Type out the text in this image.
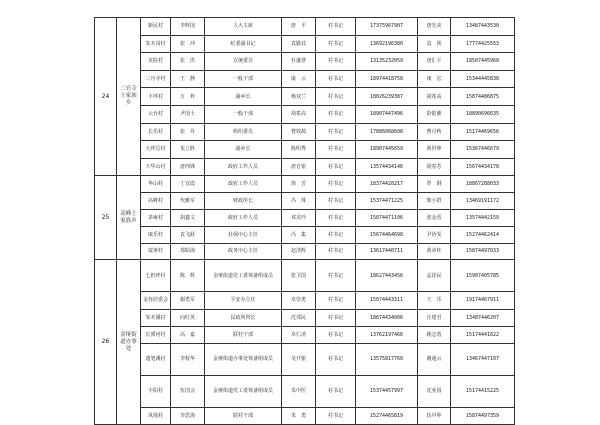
24	三官寺土家族乡	新民村	李辉国	人大主席	唐　平	村书记	17375967907	唐先美	13487443530
		朱木岗村	张　冲	纪委副书记	袁勤其	村书记	13692196380	袁　筷	17774425553
		龙院村	张　洪	宣统委员	杜盛慧	村书记	13135232059	唐汇平	18507445968
		三官寺村	王　静	一般干部	康　云	村书记	18974418758	康　宏	15344445838
		丰坪村	万　梓	副乡长	杨双兰	村书记	18026239387	胡希高	15874486875
		云台村	尹国士	一般干部	胡希高	村书记	18907447496	彭银湘	18890696635
		长乐村	张　丹	组织委员	曹铁源	村书记	17886068608	曹月秋	15174469656
		大坪岳村	朱立胜	副乡长	陈明秀	村书记	18907445659	黄世坤	15367446679
		大华山村	唐西锋	政府工作人员	唐自银	村书记	13574434146	胡春芳	15674434178
25	高峰土家族乡	华山村	丁宜霞	政府工作人员	徐　芳	村书记	18374428217	罗　钢	18867288033
		高峰村	代雅军	财政所长	冯　珠	村书记	15374471225	柴小群	13469191172
		茅庵村	胡鑫文	政府工作人员	邓美玲	村书记	15074471106	张金香	13574442159
		康乐村	袁飞跃	社保中心主任	冯　集	村书记	15674464698	尹协雯	15274462414
		富垭村	郑昭海	政务中心主任	赵清辉	村书记	13617440711	黄章柱	15874497033
26	金垭街道办事处	七担坪村	陈　辉	金垭街道党工委筹备组成员	张卫国	村书记	18627443456	孟泽民	15907405785
		金谷居委会	谢勇军	平安办主任	卓崇勇	村书记	15074443311	王　乐	19174467911
		朱木溪村	向红英	民政所所长	沈邻民	村书记	18674434006	汪建君	13487446207
		长潭河村	高　嘉	联村干部	卓仁清	村书记	13762197466	姚志勇	15174441622
		遗笔溪村	李校华	金垭街道办事处筹备组成员	吴开银	村书记	13575817760	谢通云	13467447107
		丰阳村	伍国会	金垭街道党工委筹备组成员	朱中医	村书记	15374457997	沈亚国	15174415225
		凤凰村	李思海	联村干部	朱　勇	村书记	15274465819	伍早仲	15874497359
